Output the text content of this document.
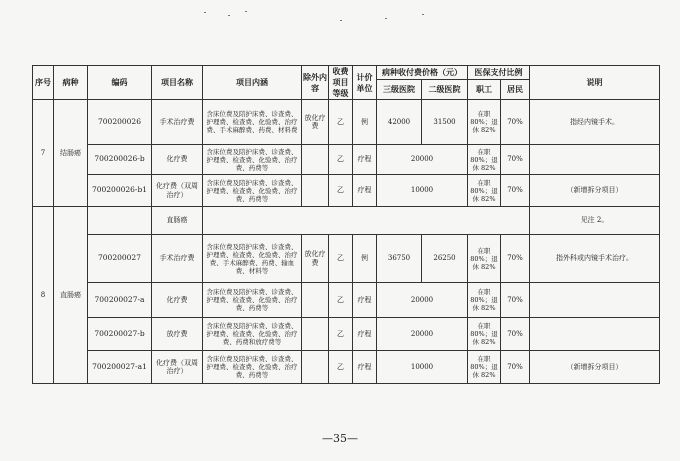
序号	病种	编码	项目名称	项目内涵	除外内容	收费项目等级	计价单位	病种收付费价格（元）		医保支付比例		说明
								三级医院	二级医院	职工	居民	
7	结肠癌	700200026	手术治疗费	含床位费及陪护床费、诊查费、护理费、检查费、化验费、治疗费、手术麻醉费、药费、材料费	放化疗费	乙	例	42000	31500	在职80%；退休 82%	70%	指经内镜手术。
		700200026-b	化疗费	含床位费及陪护床费、诊查费、护理费、检查费、化验费、治疗费、药费等		乙	疗程	20000		在职80%；退休 82%	70%	
		700200026-b1	化疗费（双周治疗）	含床位费及陪护床费、诊查费、护理费、检查费、化验费、治疗费、药费等		乙	疗程	10000		在职80%；退休 82%	70%	（新增拆分项目）
8	直肠癌		直肠癌									见注 2。
		700200027	手术治疗费	含床位费及陪护床费、诊查费、护理费、检查费、化验费、治疗费、手术麻醉费、药费、输血费、材料等	放化疗费	乙	例	36750	26250	在职80%；退休 82%	70%	指外科或内镜手术治疗。
		700200027-a	化疗费	含床位费及陪护床费、诊查费、护理费、检查费、化验费、治疗费、药费等		乙	疗程	20000		在职80%；退休 82%	70%	
		700200027-b	放疗费	含床位费及陪护床费、诊查费、护理费、检查费、化验费、治疗费、药费和放疗费等		乙	疗程	20000		在职80%；退休 82%	70%	
		700200027-a1	化疗费（双周治疗）	含床位费及陪护床费、诊查费、护理费、检查费、化验费、治疗费、药费等		乙	疗程	10000		在职80%；退休 82%	70%	（新增拆分项目）
—35—
